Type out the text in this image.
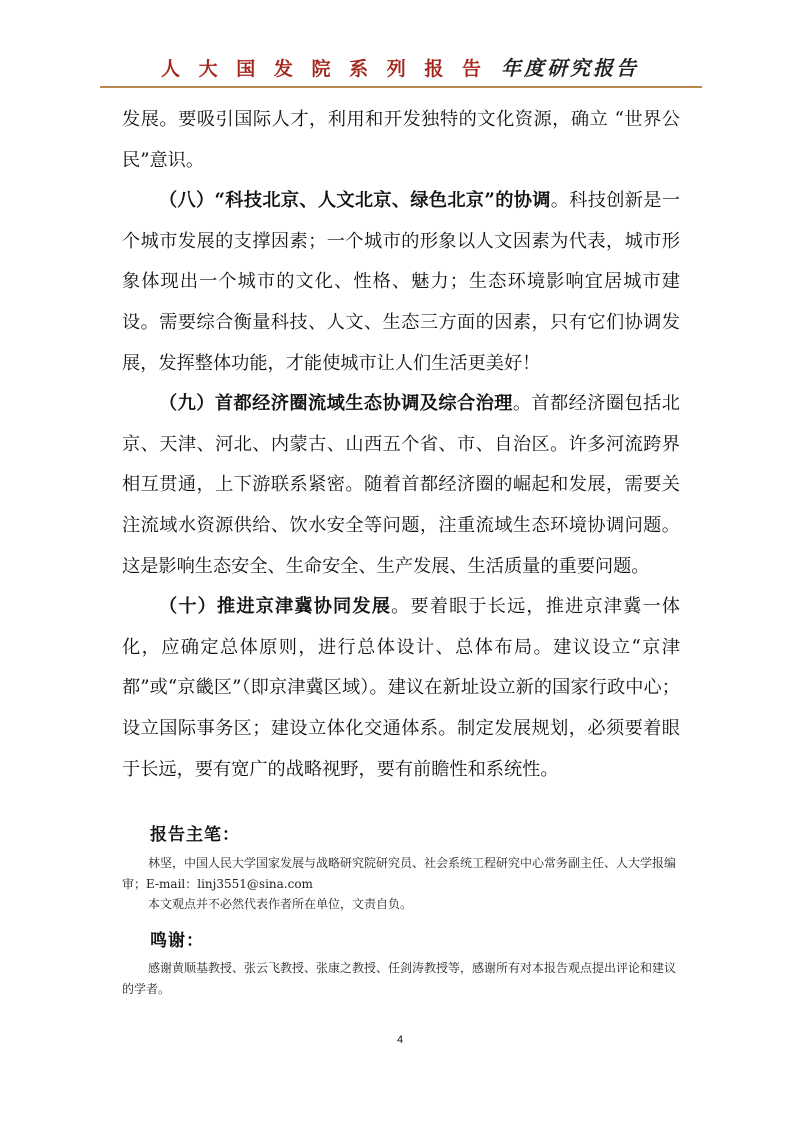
人 大 国 发 院 系 列 报 告 年度研究报告

发展。要吸引国际人才，利用和开发独特的文化资源，确立 “世界公民”意识。

（八）“科技北京、人文北京、绿色北京”的协调。科技创新是一个城市发展的支撑因素；一个城市的形象以人文因素为代表，城市形象体现出一个城市的文化、性格、魅力；生态环境影响宜居城市建设。需要综合衡量科技、人文、生态三方面的因素，只有它们协调发展，发挥整体功能，才能使城市让人们生活更美好！

（九）首都经济圈流域生态协调及综合治理。首都经济圈包括北京、天津、河北、内蒙古、山西五个省、市、自治区。许多河流跨界相互贯通，上下游联系紧密。随着首都经济圈的崛起和发展，需要关注流域水资源供给、饮水安全等问题，注重流域生态环境协调问题。这是影响生态安全、生命安全、生产发展、生活质量的重要问题。

（十）推进京津冀协同发展。要着眼于长远，推进京津冀一体化，应确定总体原则，进行总体设计、总体布局。建议设立“京津都”或“京畿区”（即京津冀区域）。建议在新址设立新的国家行政中心；设立国际事务区；建设立体化交通体系。制定发展规划，必须要着眼于长远，要有宽广的战略视野，要有前瞻性和系统性。

报告主笔：

林坚，中国人民大学国家发展与战略研究院研究员、社会系统工程研究中心常务副主任、人大学报编审；E-mail：linj3551@sina.com

本文观点并不必然代表作者所在单位，文责自负。

鸣谢：

感谢黄顺基教授、张云飞教授、张康之教授、任剑涛教授等，感谢所有对本报告观点提出评论和建议的学者。

4
